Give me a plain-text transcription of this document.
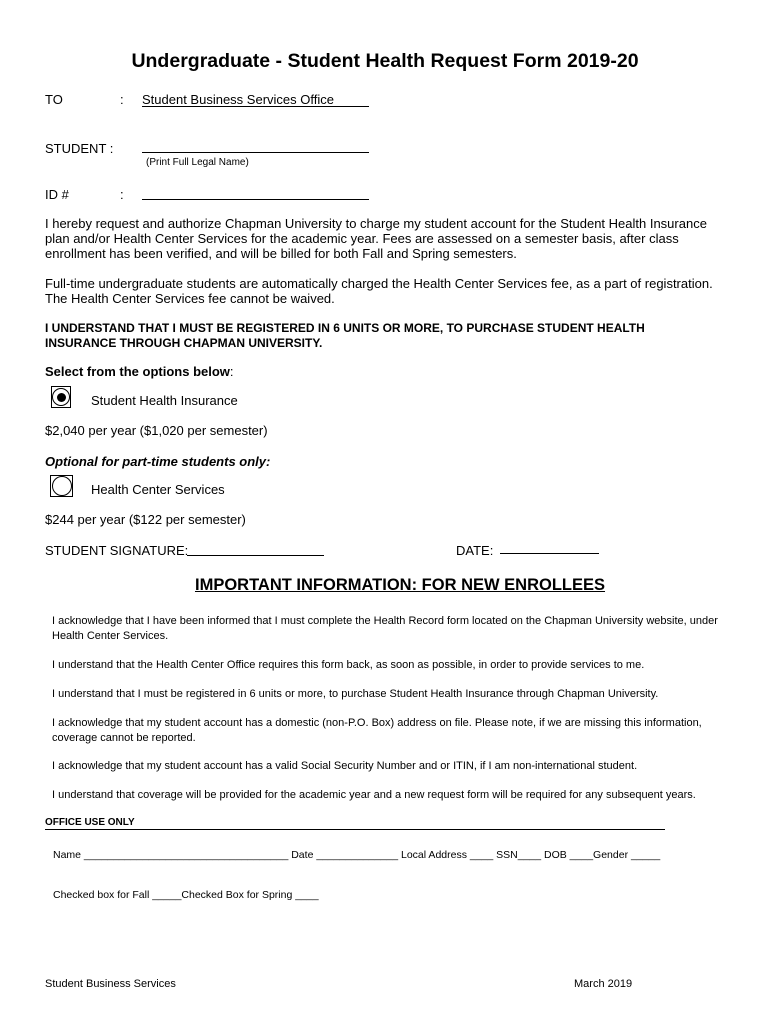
Undergraduate - Student Health Request Form 2019-20
TO	: Student Business Services Office
STUDENT :
(Print Full Legal Name)
ID #	:
I hereby request and authorize Chapman University to charge my student account for the Student Health Insurance plan and/or Health Center Services for the academic year. Fees are assessed on a semester basis, after class enrollment has been verified, and will be billed for both Fall and Spring semesters.
Full-time undergraduate students are automatically charged the Health Center Services fee, as a part of registration.
The Health Center Services fee cannot be waived.
I UNDERSTAND THAT I MUST BE REGISTERED IN 6 UNITS OR MORE, TO PURCHASE STUDENT HEALTH
INSURANCE THROUGH CHAPMAN UNIVERSITY.
Select from the options below:
Student Health Insurance
$2,040 per year ($1,020 per semester)
Optional for part-time students only:
Health Center Services
$244 per year ($122 per semester)
STUDENT SIGNATURE:	DATE:
IMPORTANT INFORMATION: FOR NEW ENROLLEES
I acknowledge that I have been informed that I must complete the Health Record form located on the Chapman University website, under Health Center Services.
I understand that the Health Center Office requires this form back, as soon as possible, in order to provide services to me.
I understand that I must be registered in 6 units or more, to purchase Student Health Insurance through Chapman University.
I acknowledge that my student account has a domestic (non-P.O. Box) address on file. Please note, if we are missing this information, coverage cannot be reported.
I acknowledge that my student account has a valid Social Security Number and or ITIN, if I am non-international student.
I understand that coverage will be provided for the academic year and a new request form will be required for any subsequent years.
OFFICE USE ONLY
Name ___________________________________ Date ______________ Local Address ____ SSN____ DOB ____Gender _____
Checked box for Fall _____Checked Box for Spring ____
Student Business Services	March 2019
